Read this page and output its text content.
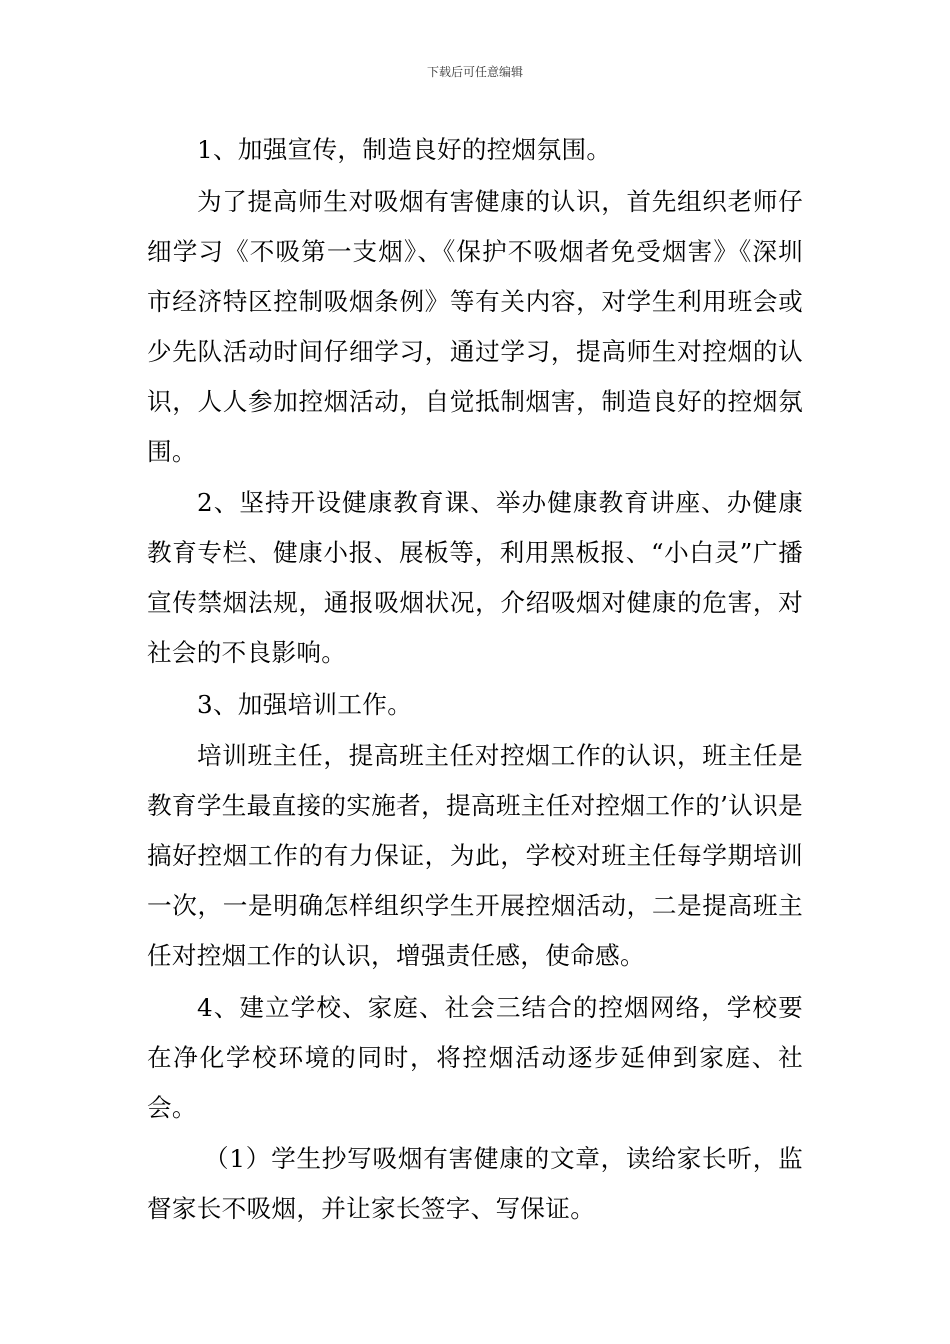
下载后可任意编辑

1、加强宣传，制造良好的控烟氛围。

为了提高师生对吸烟有害健康的认识，首先组织老师仔细学习《不吸第一支烟》、《保护不吸烟者免受烟害》《深圳市经济特区控制吸烟条例》等有关内容，对学生利用班会或少先队活动时间仔细学习，通过学习，提高师生对控烟的认识，人人参加控烟活动，自觉抵制烟害，制造良好的控烟氛围。

2、坚持开设健康教育课、举办健康教育讲座、办健康教育专栏、健康小报、展板等，利用黑板报、“小白灵”广播宣传禁烟法规，通报吸烟状况，介绍吸烟对健康的危害，对社会的不良影响。

3、加强培训工作。

培训班主任，提高班主任对控烟工作的认识，班主任是教育学生最直接的实施者，提高班主任对控烟工作的’认识是搞好控烟工作的有力保证，为此，学校对班主任每学期培训一次，一是明确怎样组织学生开展控烟活动，二是提高班主任对控烟工作的认识，增强责任感，使命感。

4、建立学校、家庭、社会三结合的控烟网络，学校要在净化学校环境的同时，将控烟活动逐步延伸到家庭、社会。

（1）学生抄写吸烟有害健康的文章，读给家长听，监督家长不吸烟，并让家长签字、写保证。
